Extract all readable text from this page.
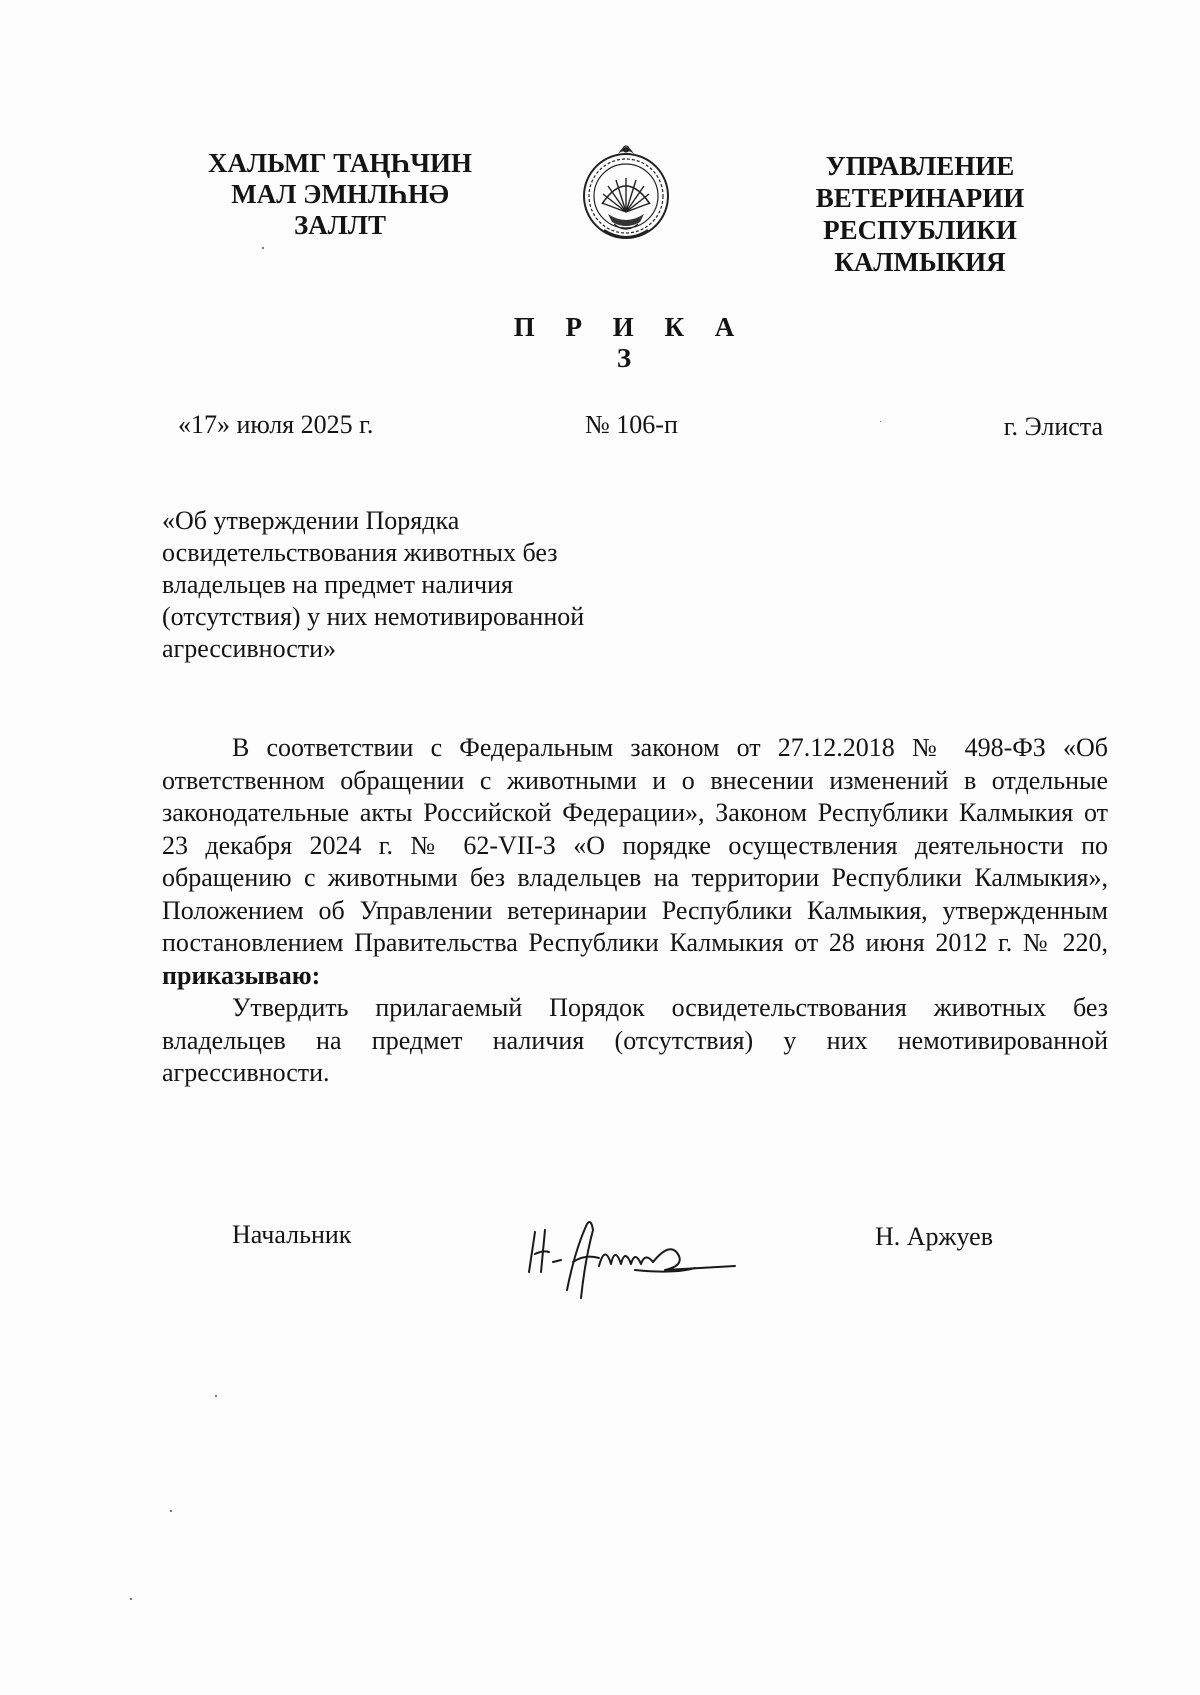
ХАЛЬМГ ТАҢҺЧИН
МАЛ ЭМНЛҺНӘ
ЗАЛЛТ
УПРАВЛЕНИЕ
ВЕТЕРИНАРИИ
РЕСПУБЛИКИ
КАЛМЫКИЯ
П Р И К А З
«17» июля 2025 г.	№ 106-п	г. Элиста
«Об утверждении Порядка
освидетельствования животных без
владельцев на предмет наличия
(отсутствия) у них немотивированной
агрессивности»

В соответствии с Федеральным законом от 27.12.2018 № 498-ФЗ «Об ответственном обращении с животными и о внесении изменений в отдельные законодательные акты Российской Федерации», Законом Республики Калмыкия от 23 декабря 2024 г. № 62-VII-З «О порядке осуществления деятельности по обращению с животными без владельцев на территории Республики Калмыкия», Положением об Управлении ветеринарии Республики Калмыкия, утвержденным постановлением Правительства Республики Калмыкия от 28 июня 2012 г. № 220, приказываю:

Утвердить прилагаемый Порядок освидетельствования животных без владельцев на предмет наличия (отсутствия) у них немотивированной агрессивности.

Начальник	Н. Аржуев
